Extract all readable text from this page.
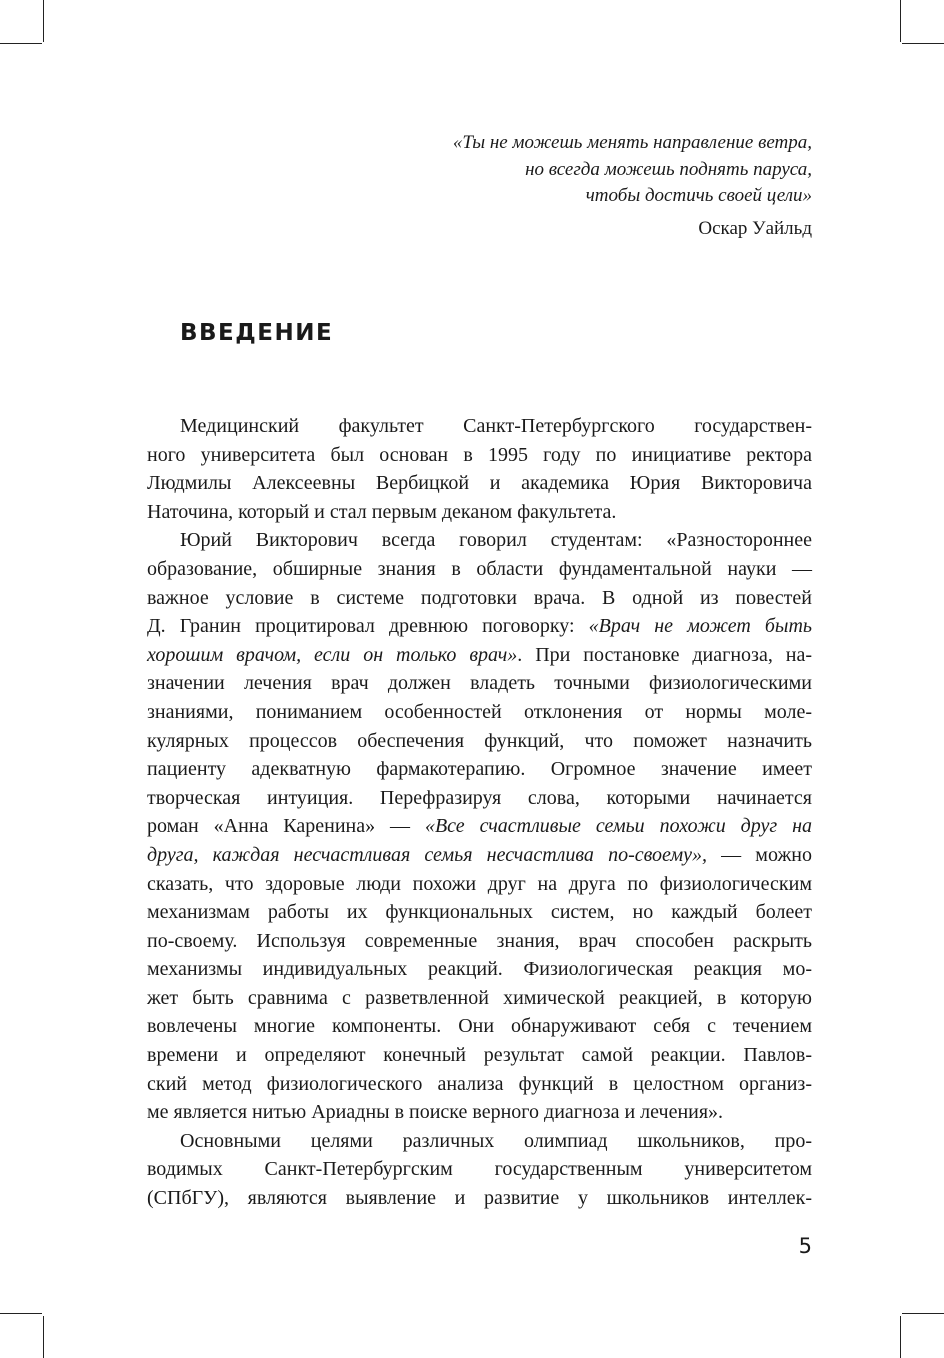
«Ты не можешь менять направление ветра,
но всегда можешь поднять паруса,
чтобы достичь своей цели»
Оскар Уайльд
ВВЕДЕНИЕ
Медицинский факультет Санкт-Петербургского государствен-
ного университета был основан в 1995 году по инициативе ректора
Людмилы Алексеевны Вербицкой и академика Юрия Викторовича
Наточина, который и стал первым деканом факультета.
Юрий Викторович всегда говорил студентам: «Разностороннее
образование, обширные знания в области фундаментальной науки —
важное условие в системе подготовки врача. В одной из повестей
Д. Гранин процитировал древнюю поговорку: «Врач не может быть
хорошим врачом, если он только врач». При постановке диагноза, на-
значении лечения врач должен владеть точными физиологическими
знаниями, пониманием особенностей отклонения от нормы моле-
кулярных процессов обеспечения функций, что поможет назначить
пациенту адекватную фармакотерапию. Огромное значение имеет
творческая интуиция. Перефразируя слова, которыми начинается
роман «Анна Каренина» — «Все счастливые семьи похожи друг на
друга, каждая несчастливая семья несчастлива по-своему», — можно
сказать, что здоровые люди похожи друг на друга по физиологическим
механизмам работы их функциональных систем, но каждый болеет
по-своему. Используя современные знания, врач способен раскрыть
механизмы индивидуальных реакций. Физиологическая реакция мо-
жет быть сравнима с разветвленной химической реакцией, в которую
вовлечены многие компоненты. Они обнаруживают себя с течением
времени и определяют конечный результат самой реакции. Павлов-
ский метод физиологического анализа функций в целостном организ-
ме является нитью Ариадны в поиске верного диагноза и лечения».
Основными целями различных олимпиад школьников, про-
водимых Санкт-Петербургским государственным университетом
(СПбГУ), являются выявление и развитие у школьников интеллек-
5
